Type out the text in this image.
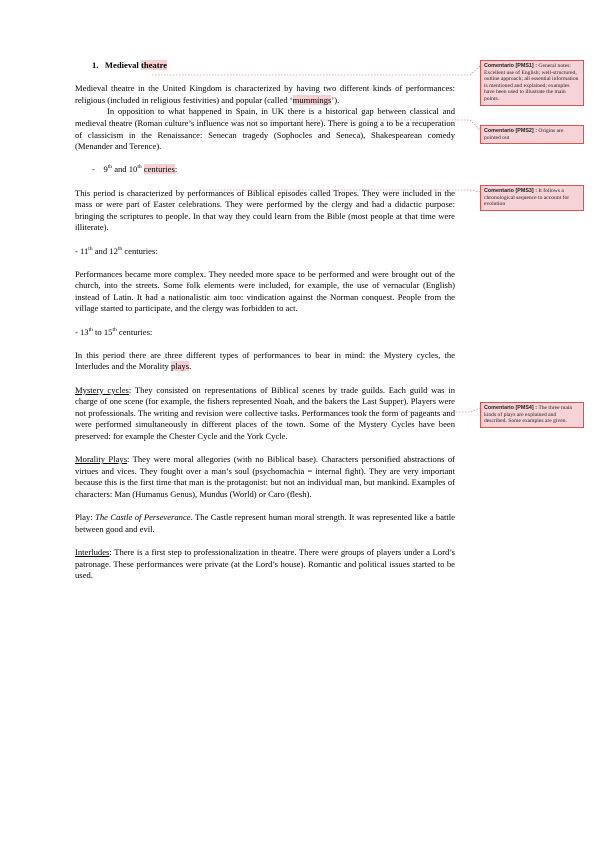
1. Medieval theatre

Medieval theatre in the United Kingdom is characterized by having two different kinds of performances: religious (included in religious festivities) and popular (called ‘mummings’).

In opposition to what happened in Spain, in UK there is a historical gap between classical and medieval theatre (Roman culture’s influence was not so important here). There is going a to be a recuperation of classicism in the Renaissance: Senecan tragedy (Sophocles and Seneca), Shakespearean comedy (Menander and Terence).

- 9th and 10th centuries:

This period is characterized by performances of Biblical episodes called Tropes. They were included in the mass or were part of Easter celebrations. They were performed by the clergy and had a didactic purpose: bringing the scriptures to people. In that way they could learn from the Bible (most people at that time were illiterate).

- 11th and 12th centuries:

Performances became more complex. They needed more space to be performed and were brought out of the church, into the streets. Some folk elements were included, for example, the use of vernacular (English) instead of Latin. It had a nationalistic aim too: vindication against the Norman conquest. People from the village started to participate, and the clergy was forbidden to act.

- 13th to 15th centuries:

In this period there are three different types of performances to bear in mind: the Mystery cycles, the Interludes and the Morality plays.

Mystery cycles: They consisted on representations of Biblical scenes by trade guilds. Each guild was in charge of one scene (for example, the fishers represented Noah, and the bakers the Last Supper). Players were not professionals. The writing and revision were collective tasks. Performances took the form of pageants and were performed simultaneously in different places of the town. Some of the Mystery Cycles have been preserved: for example the Chester Cycle and the York Cycle.

Morality Plays: They were moral allegories (with no Biblical base). Characters personified abstractions of virtues and vices. They fought over a man’s soul (psychomachia = internal fight). They are very important because this is the first time that man is the protagonist: but not an individual man, but mankind. Examples of characters: Man (Humanus Genus), Mundus (World) or Caro (flesh).

Play: The Castle of Perseverance. The Castle represent human moral strength. It was represented like a battle between good and evil.

Interludes: There is a first step to professionalization in theatre. There were groups of players under a Lord’s patronage. These performances were private (at the Lord’s house). Romantic and political issues started to be used.

Comentario [PMS1] : General notes: Excellent use of English; well-structured, outline approach; all essential information is mentioned and explained; examples have been used to illustrate the main points.
Comentario [PMS2] : Origins are pointed out
Comentario [PMS3] : It follows a chronological sequence to account for evolution
Comentario [PMS4] : The three main kinds of plays are explained and described. Some examples are given.
